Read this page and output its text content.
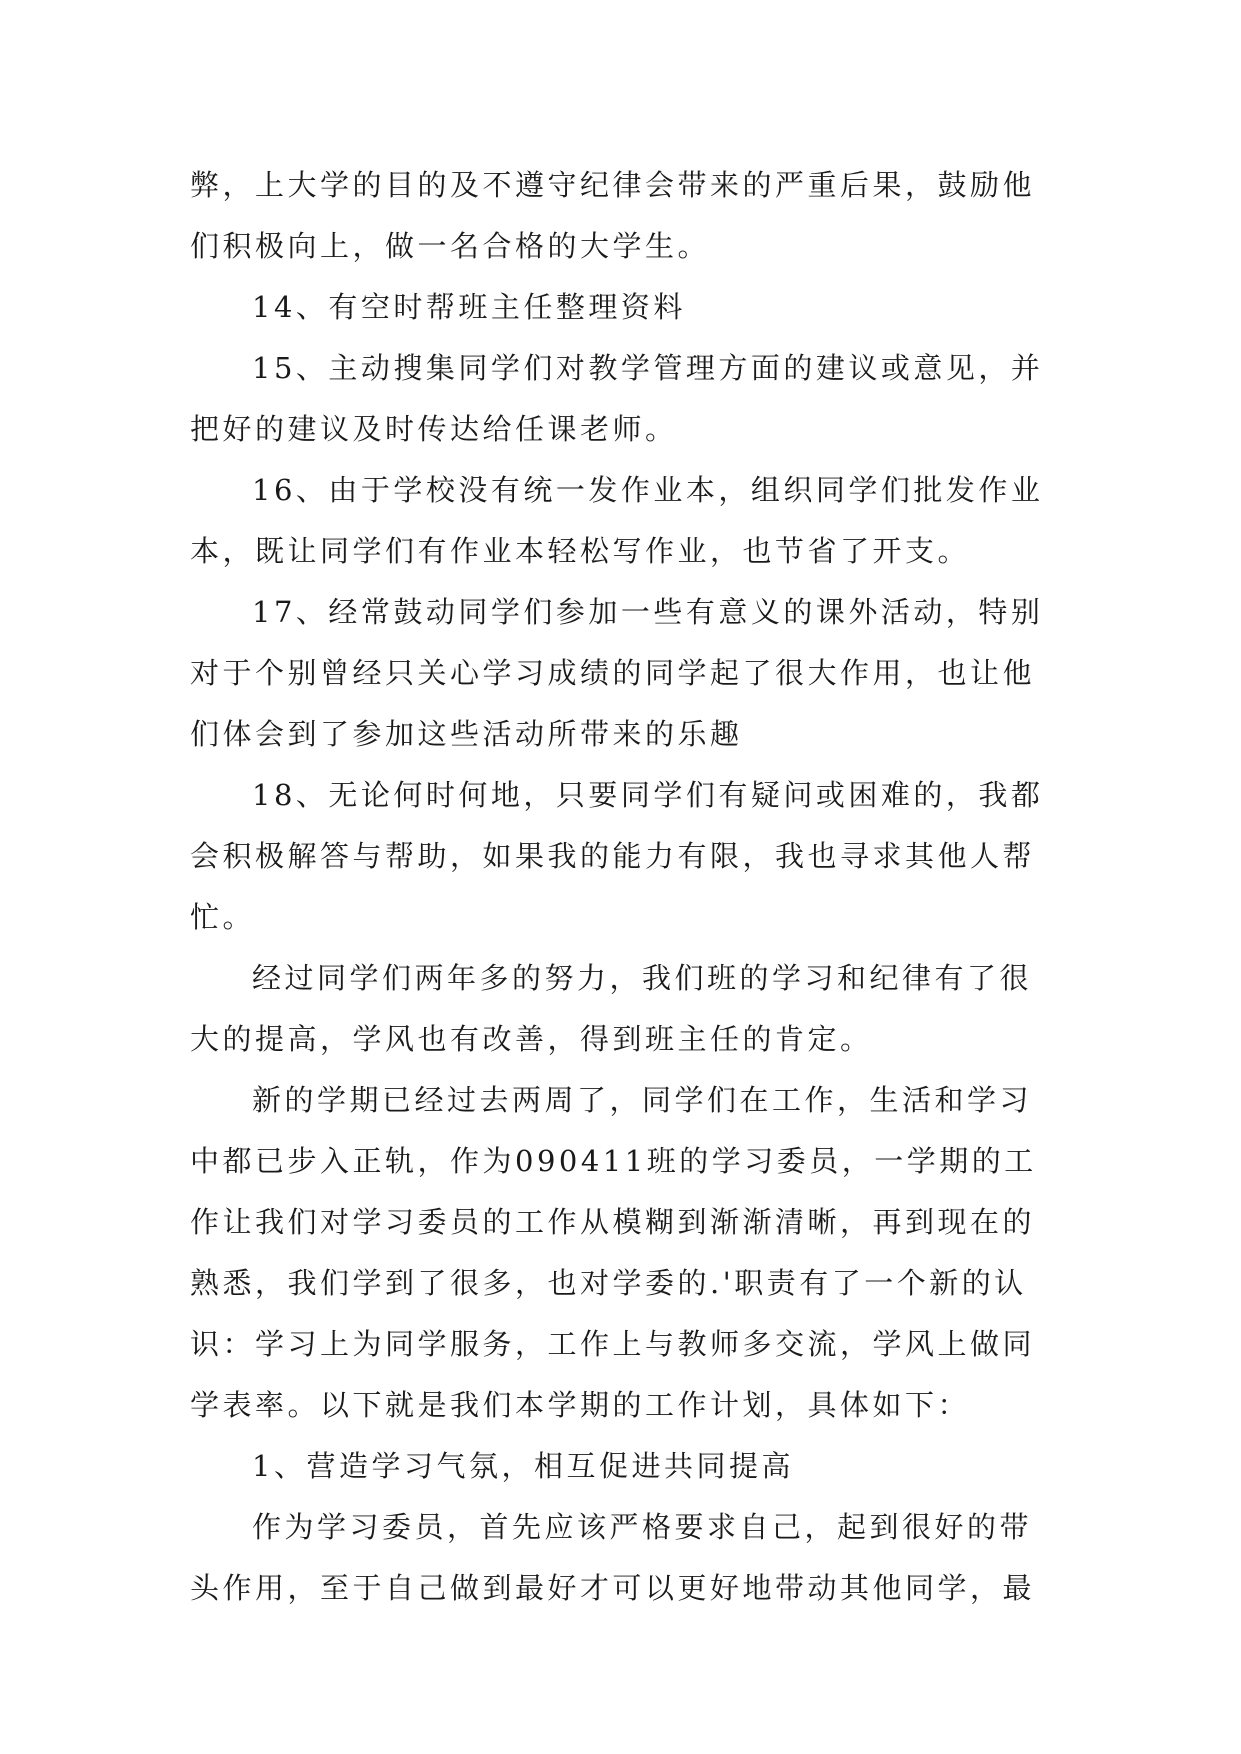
弊，上大学的目的及不遵守纪律会带来的严重后果，鼓励他
们积极向上，做一名合格的大学生。
14、有空时帮班主任整理资料
15、主动搜集同学们对教学管理方面的建议或意见，并
把好的建议及时传达给任课老师。
16、由于学校没有统一发作业本，组织同学们批发作业
本，既让同学们有作业本轻松写作业，也节省了开支。
17、经常鼓动同学们参加一些有意义的课外活动，特别
对于个别曾经只关心学习成绩的同学起了很大作用，也让他
们体会到了参加这些活动所带来的乐趣
18、无论何时何地，只要同学们有疑问或困难的，我都
会积极解答与帮助，如果我的能力有限，我也寻求其他人帮
忙。
经过同学们两年多的努力，我们班的学习和纪律有了很
大的提高，学风也有改善，得到班主任的肯定。
新的学期已经过去两周了，同学们在工作，生活和学习
中都已步入正轨，作为090411班的学习委员，一学期的工
作让我们对学习委员的工作从模糊到渐渐清晰，再到现在的
熟悉，我们学到了很多，也对学委的.'职责有了一个新的认
识：学习上为同学服务，工作上与教师多交流，学风上做同
学表率。以下就是我们本学期的工作计划，具体如下：
1、营造学习气氛，相互促进共同提高
作为学习委员，首先应该严格要求自己，起到很好的带
头作用，至于自己做到最好才可以更好地带动其他同学，最
